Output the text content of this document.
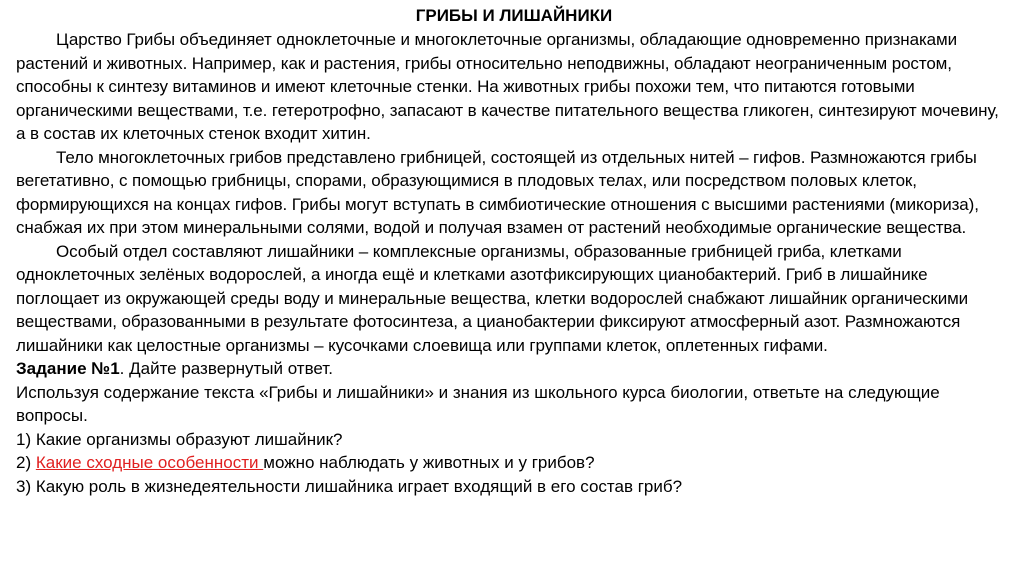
ГРИБЫ И ЛИШАЙНИКИ

Царство Грибы объединяет одноклеточные и многоклеточные организмы, обладающие одновременно признаками растений и животных. Например, как и растения, грибы относительно неподвижны, обладают неограниченным ростом, способны к синтезу витаминов и имеют клеточные стенки. На животных грибы похожи тем, что питаются готовыми органическими веществами, т.е. гетеротрофно, запасают в качестве питательного вещества гликоген, синтезируют мочевину, а в состав их клеточных стенок входит хитин.

Тело многоклеточных грибов представлено грибницей, состоящей из отдельных нитей – гифов. Размножаются грибы вегетативно, с помощью грибницы, спорами, образующимися в плодовых телах, или посредством половых клеток, формирующихся на концах гифов. Грибы могут вступать в симбиотические отношения с высшими растениями (микориза), снабжая их при этом минеральными солями, водой и получая взамен от растений необходимые органические вещества.

Особый отдел составляют лишайники – комплексные организмы, образованные грибницей гриба, клетками одноклеточных зелёных водорослей, а иногда ещё и клетками азотфиксирующих цианобактерий. Гриб в лишайнике поглощает из окружающей среды воду и минеральные вещества, клетки водорослей снабжают лишайник органическими веществами, образованными в результате фотосинтеза, а цианобактерии фиксируют атмосферный азот. Размножаются лишайники как целостные организмы – кусочками слоевища или группами клеток, оплетенных гифами.

Задание №1. Дайте развернутый ответ.

Используя содержание текста «Грибы и лишайники» и знания из школьного курса биологии, ответьте на следующие вопросы.

1) Какие организмы образуют лишайник?

2) Какие сходные особенности можно наблюдать у животных и у грибов?

3) Какую роль в жизнедеятельности лишайника играет входящий в его состав гриб?
